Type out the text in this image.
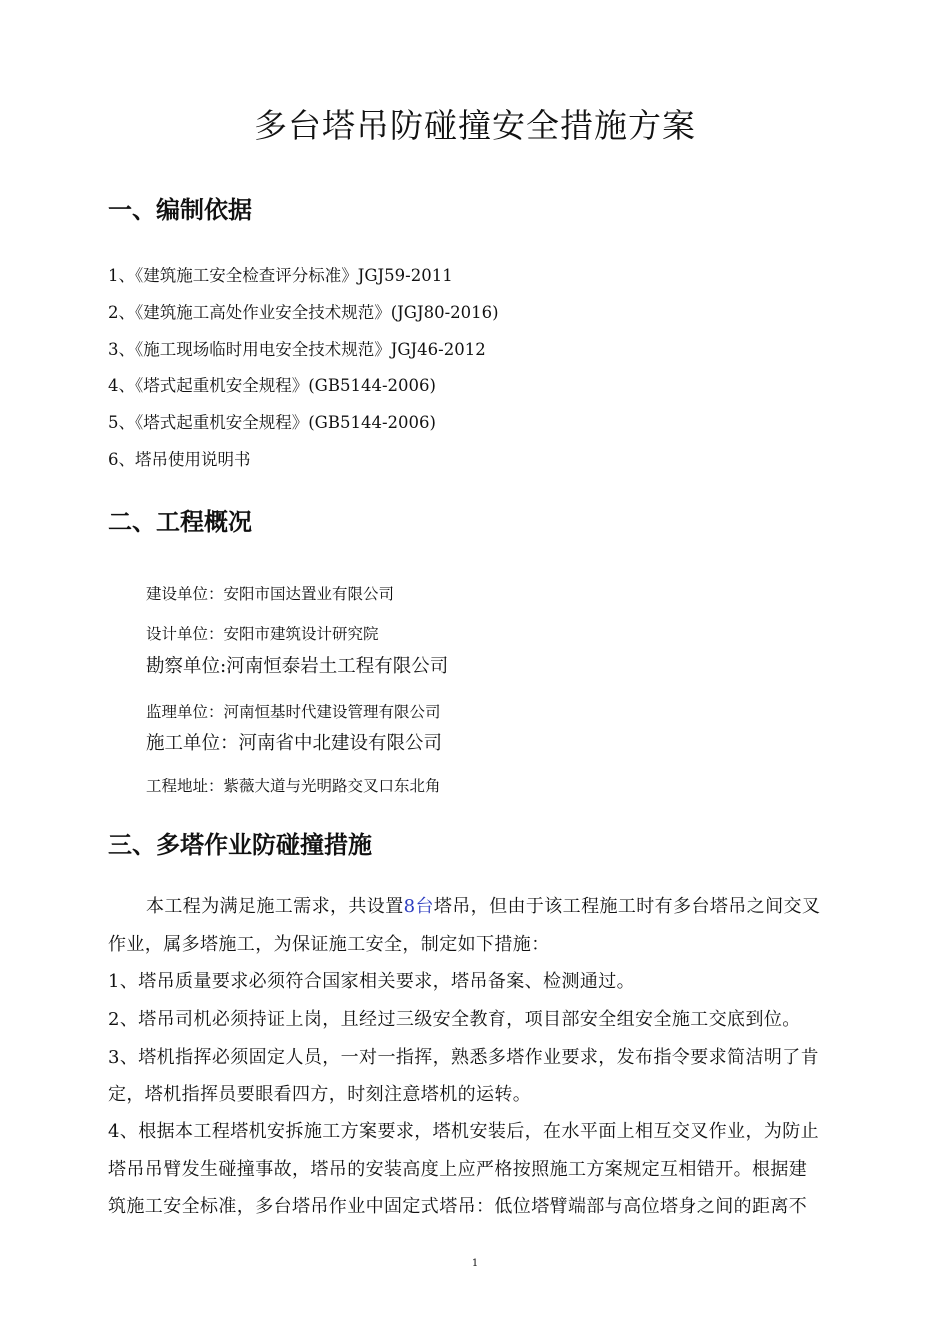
多台塔吊防碰撞安全措施方案
一、编制依据
1、《建筑施工安全检查评分标准》JGJ59-2011
2、《建筑施工高处作业安全技术规范》(JGJ80-2016)
3、《施工现场临时用电安全技术规范》JGJ46-2012
4、《塔式起重机安全规程》(GB5144-2006)
5、《塔式起重机安全规程》(GB5144-2006)
6、塔吊使用说明书
二、工程概况
建设单位：安阳市国达置业有限公司
设计单位：安阳市建筑设计研究院
勘察单位:河南恒泰岩土工程有限公司
监理单位：河南恒基时代建设管理有限公司
施工单位：河南省中北建设有限公司
工程地址：紫薇大道与光明路交叉口东北角
三、多塔作业防碰撞措施
本工程为满足施工需求，共设置8台塔吊，但由于该工程施工时有多台塔吊之间交叉
作业，属多塔施工，为保证施工安全，制定如下措施：
1、塔吊质量要求必须符合国家相关要求，塔吊备案、检测通过。
2、塔吊司机必须持证上岗，且经过三级安全教育，项目部安全组安全施工交底到位。
3、塔机指挥必须固定人员，一对一指挥，熟悉多塔作业要求，发布指令要求简洁明了肯
定，塔机指挥员要眼看四方，时刻注意塔机的运转。
4、根据本工程塔机安拆施工方案要求，塔机安装后，在水平面上相互交叉作业，为防止
塔吊吊臂发生碰撞事故，塔吊的安装高度上应严格按照施工方案规定互相错开。根据建
筑施工安全标准，多台塔吊作业中固定式塔吊：低位塔臂端部与高位塔身之间的距离不
1
